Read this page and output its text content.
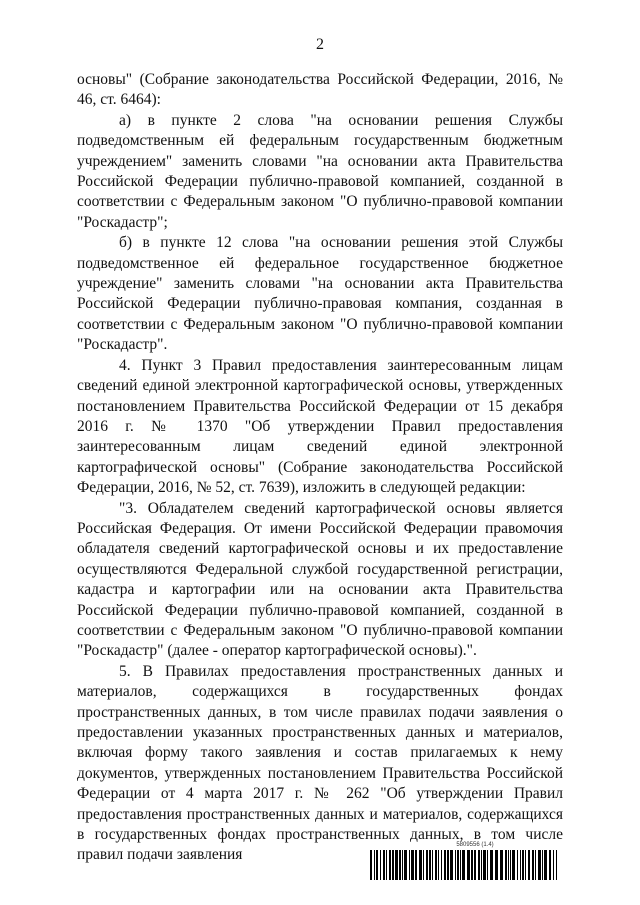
2

основы" (Собрание законодательства Российской Федерации, 2016, № 46, ст. 6464):

а) в пункте 2 слова "на основании решения Службы подведомственным ей федеральным государственным бюджетным учреждением" заменить словами "на основании акта Правительства Российской Федерации публично-правовой компанией, созданной в соответствии с Федеральным законом "О публично-правовой компании "Роскадастр";

б) в пункте 12 слова "на основании решения этой Службы подведомственное ей федеральное государственное бюджетное учреждение" заменить словами "на основании акта Правительства Российской Федерации публично-правовая компания, созданная в соответствии с Федеральным законом "О публично-правовой компании "Роскадастр".

4. Пункт 3 Правил предоставления заинтересованным лицам сведений единой электронной картографической основы, утвержденных постановлением Правительства Российской Федерации от 15 декабря 2016 г. № 1370 "Об утверждении Правил предоставления заинтересованным лицам сведений единой электронной картографической основы" (Собрание законодательства Российской Федерации, 2016, № 52, ст. 7639), изложить в следующей редакции:

"3. Обладателем сведений картографической основы является Российская Федерация. От имени Российской Федерации правомочия обладателя сведений картографической основы и их предоставление осуществляются Федеральной службой государственной регистрации, кадастра и картографии или на основании акта Правительства Российской Федерации публично-правовой компанией, созданной в соответствии с Федеральным законом "О публично-правовой компании "Роскадастр" (далее - оператор картографической основы).".

5. В Правилах предоставления пространственных данных и материалов, содержащихся в государственных фондах пространственных данных, в том числе правилах подачи заявления о предоставлении указанных пространственных данных и материалов, включая форму такого заявления и состав прилагаемых к нему документов, утвержденных постановлением Правительства Российской Федерации от 4 марта 2017 г. № 262 "Об утверждении Правил предоставления пространственных данных и материалов, содержащихся в государственных фондах пространственных данных, в том числе правил подачи заявления

5809556 (1.4)
